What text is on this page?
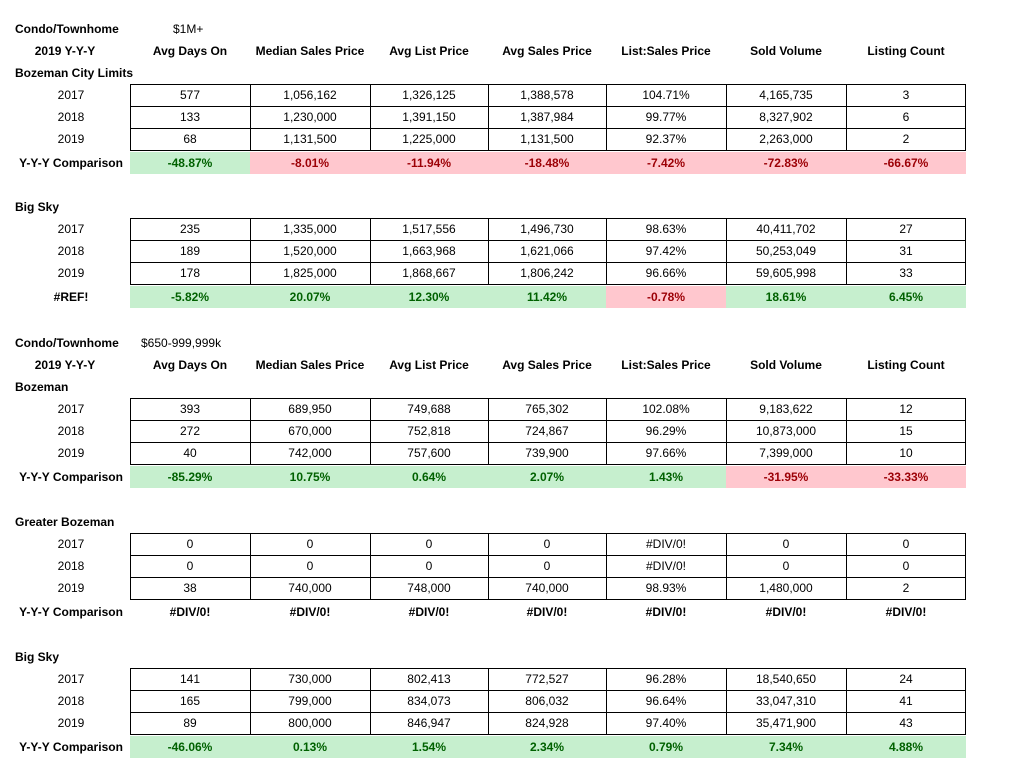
Condo/Townhome	$1M+
2019 Y-Y-Y	Avg Days On	Median Sales Price	Avg List Price	Avg Sales Price	List:Sales Price	Sold Volume	Listing Count
Bozeman City Limits
2017	577	1,056,162	1,326,125	1,388,578	104.71%	4,165,735	3
2018	133	1,230,000	1,391,150	1,387,984	99.77%	8,327,902	6
2019	68	1,131,500	1,225,000	1,131,500	92.37%	2,263,000	2
Y-Y-Y Comparison	-48.87%	-8.01%	-11.94%	-18.48%	-7.42%	-72.83%	-66.67%
Big Sky
2017	235	1,335,000	1,517,556	1,496,730	98.63%	40,411,702	27
2018	189	1,520,000	1,663,968	1,621,066	97.42%	50,253,049	31
2019	178	1,825,000	1,868,667	1,806,242	96.66%	59,605,998	33
#REF!	-5.82%	20.07%	12.30%	11.42%	-0.78%	18.61%	6.45%
Condo/Townhome $650-999,999k
2019 Y-Y-Y	Avg Days On	Median Sales Price	Avg List Price	Avg Sales Price	List:Sales Price	Sold Volume	Listing Count
Bozeman
2017	393	689,950	749,688	765,302	102.08%	9,183,622	12
2018	272	670,000	752,818	724,867	96.29%	10,873,000	15
2019	40	742,000	757,600	739,900	97.66%	7,399,000	10
Y-Y-Y Comparison	-85.29%	10.75%	0.64%	2.07%	1.43%	-31.95%	-33.33%
Greater Bozeman
2017	0	0	0	0	#DIV/0!	0	0
2018	0	0	0	0	#DIV/0!	0	0
2019	38	740,000	748,000	740,000	98.93%	1,480,000	2
Y-Y-Y Comparison	#DIV/0!	#DIV/0!	#DIV/0!	#DIV/0!	#DIV/0!	#DIV/0!	#DIV/0!
Big Sky
2017	141	730,000	802,413	772,527	96.28%	18,540,650	24
2018	165	799,000	834,073	806,032	96.64%	33,047,310	41
2019	89	800,000	846,947	824,928	97.40%	35,471,900	43
Y-Y-Y Comparison	-46.06%	0.13%	1.54%	2.34%	0.79%	7.34%	4.88%
